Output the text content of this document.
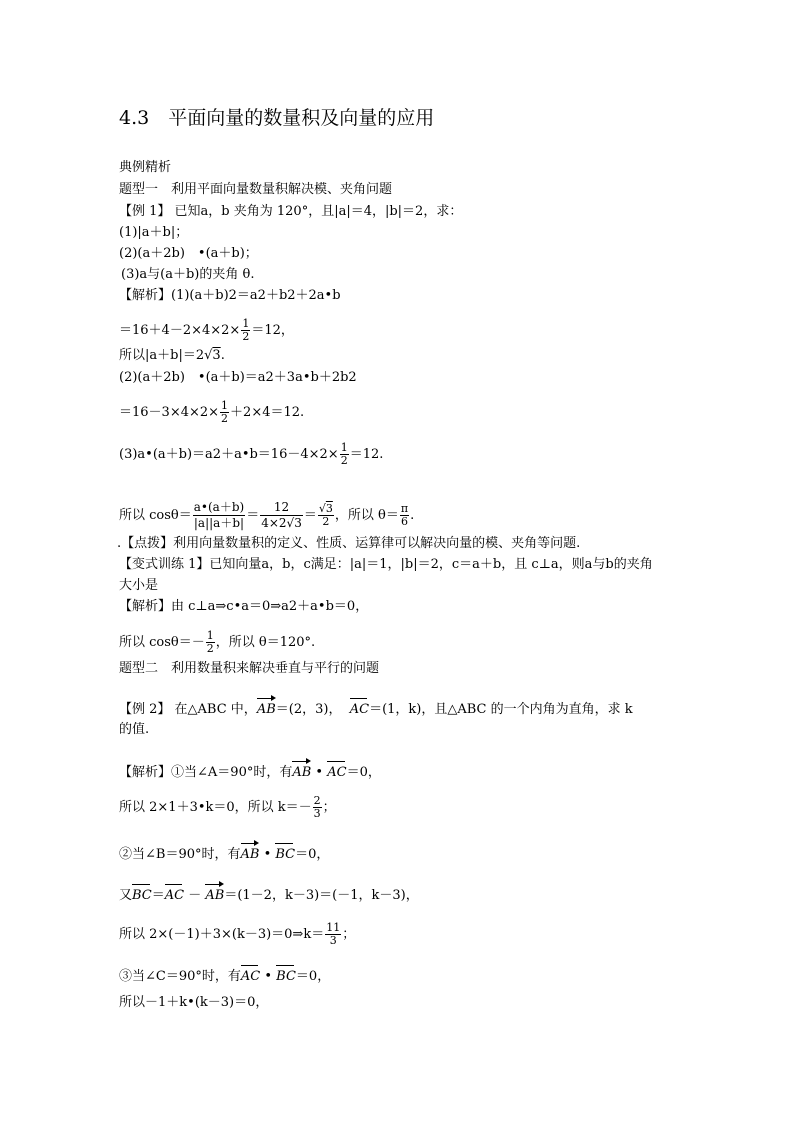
4.3　平面向量的数量积及向量的应用
典例精析
题型一　利用平面向量数量积解决模、夹角问题
【例 1】 已知a，b 夹角为 120°，且|a|＝4，|b|＝2，求：
(1)|a＋b|；
(2)(a＋2b)　•(a＋b)；
(3)a与(a＋b)的夹角 θ.
【解析】(1)(a＋b)2＝a2＋b2＋2a•b
$=16+4-2\times 4\times 2\times \frac{1}{2} =12$，
所以|a＋b|＝2√3.
(2)(a＋2b)　•(a＋b)＝a2＋3a•b＋2b2
$=16-3\times 4\times 2\times \frac{1}{2} +2\times 4=12$.
(3)a•(a＋b)＝a2＋a•b＝16－4×2× $\frac{1}{2} =12$.
所以 $\cos\theta= \frac{a•(a+b)}{|a||a+b|} = \frac{12}{4\times 2√3} = \frac{√3}{2}$ ，所以 $\theta= \frac{\pi}{6}$ .
.【点拨】利用向量数量积的定义、性质、运算律可以解决向量的模、夹角等问题.
【变式训练 1】已知向量a，b，c满足：|a|＝1，|b|＝2，c＝a＋b，且 c⊥a，则a与b的夹角
大小是
【解析】由 c⊥a⇒c•a＝0⇒a2＋a•b＝0，
所以 $\cos\theta=- \frac{1}{2}$ ，所以 θ＝120°.
题型二　利用数量积来解决垂直与平行的问题
【例 2】 在△ABC 中，AB＝(2，3)， AC＝(1，k)，且△ABC 的一个内角为直角，求 k
的值.
【解析】①当∠A＝90°时，有AB • AC＝0，
所以 2×1＋3•k＝0，所以 $k=- \frac{2}{3}$ ；
②当∠B＝90°时，有AB • BC＝0，
又BC＝AC － AB＝(1－2，k－3)＝(－1，k－3)，
所以 2×(－1)＋3×(k－3)＝0⇒k＝ $\frac{11}{3}$ ；
③当∠C＝90°时，有AC • BC＝0，
所以－1＋k•(k－3)＝0，
